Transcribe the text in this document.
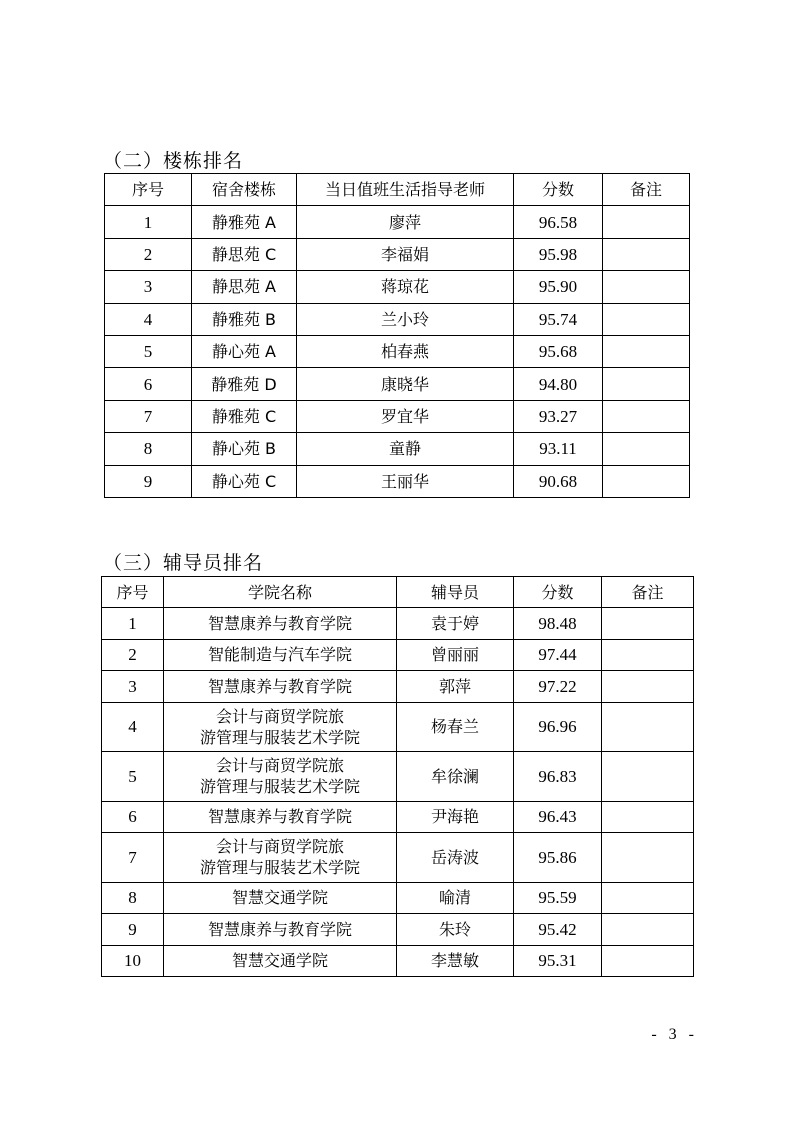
（二）楼栋排名
序号	宿舍楼栋	当日值班生活指导老师	分数	备注
1	静雅苑 A	廖萍	96.58	
2	静思苑 C	李福娟	95.98	
3	静思苑 A	蒋琼花	95.90	
4	静雅苑 B	兰小玲	95.74	
5	静心苑 A	柏春燕	95.68	
6	静雅苑 D	康晓华	94.80	
7	静雅苑 C	罗宜华	93.27	
8	静心苑 B	童静	93.11	
9	静心苑 C	王丽华	90.68	
（三）辅导员排名
序号	学院名称	辅导员	分数	备注
1	智慧康养与教育学院	袁于婷	98.48	
2	智能制造与汽车学院	曾丽丽	97.44	
3	智慧康养与教育学院	郭萍	97.22	
4	会计与商贸学院旅
游管理与服装艺术学院	杨春兰	96.96	
5	会计与商贸学院旅
游管理与服装艺术学院	牟徐澜	96.83	
6	智慧康养与教育学院	尹海艳	96.43	
7	会计与商贸学院旅
游管理与服装艺术学院	岳涛波	95.86	
8	智慧交通学院	喻清	95.59	
9	智慧康养与教育学院	朱玲	95.42	
10	智慧交通学院	李慧敏	95.31	
- 3 -
